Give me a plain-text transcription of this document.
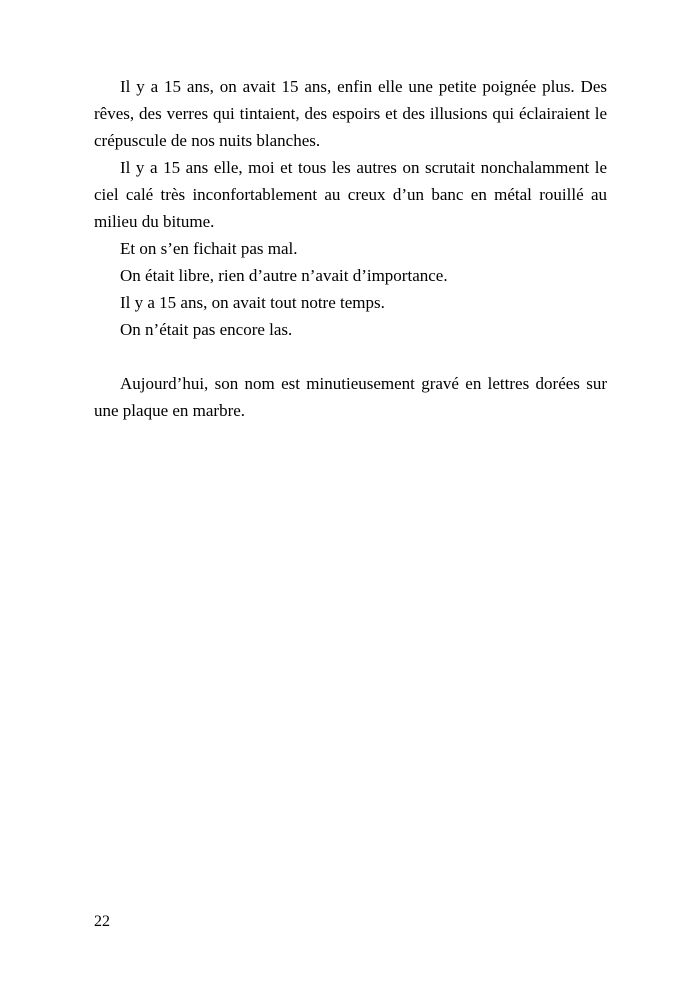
Il y a 15 ans, on avait 15 ans, enfin elle une petite poignée plus. Des rêves, des verres qui tintaient, des espoirs et des illusions qui éclairaient le crépuscule de nos nuits blanches.

Il y a 15 ans elle, moi et tous les autres on scrutait nonchalamment le ciel calé très inconfortablement au creux d’un banc en métal rouillé au milieu du bitume.

Et on s’en fichait pas mal.

On était libre, rien d’autre n’avait d’importance.

Il y a 15 ans, on avait tout notre temps.

On n’était pas encore las.

Aujourd’hui, son nom est minutieusement gravé en lettres dorées sur une plaque en marbre.

22
